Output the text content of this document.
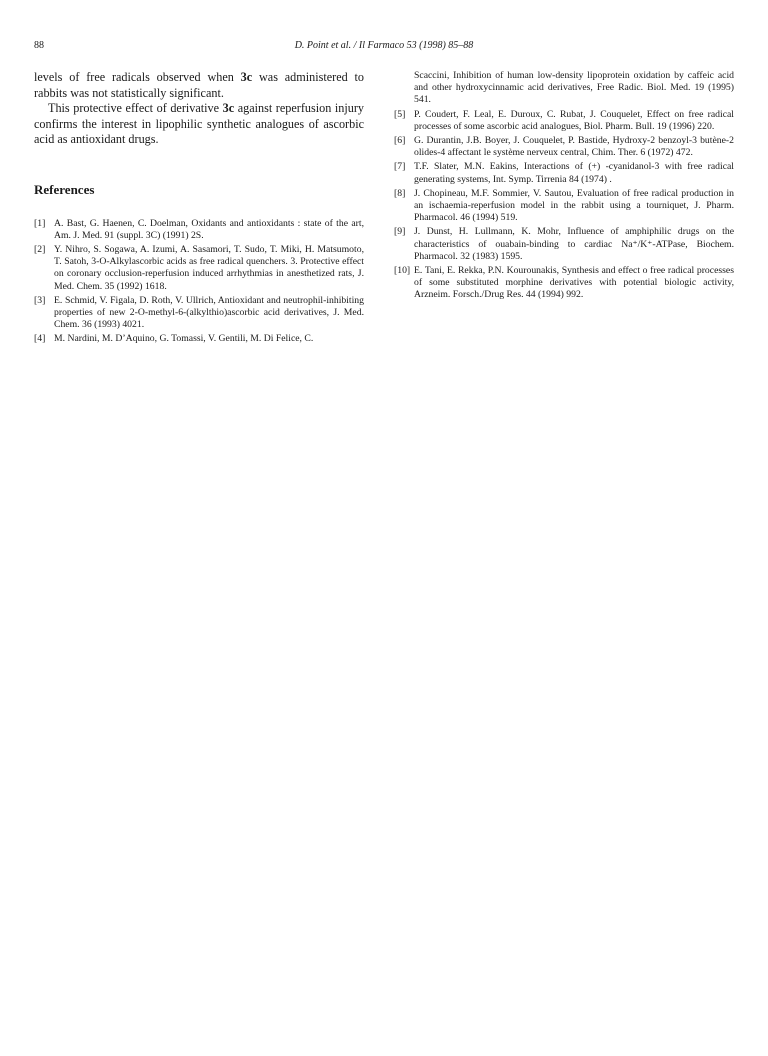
88	D. Point et al. / Il Farmaco 53 (1998) 85–88

levels of free radicals observed when 3c was administered to rabbits was not statistically significant.

This protective effect of derivative 3c against reperfusion injury confirms the interest in lipophilic synthetic analogues of ascorbic acid as antioxidant drugs.

References
[1] A. Bast, G. Haenen, C. Doelman, Oxidants and antioxidants : state of the art, Am. J. Med. 91 (suppl. 3C) (1991) 2S.
[2] Y. Nihro, S. Sogawa, A. Izumi, A. Sasamori, T. Sudo, T. Miki, H. Matsumoto, T. Satoh, 3-O-Alkylascorbic acids as free radical quenchers. 3. Protective effect on coronary occlusion-reperfusion induced arrhythmias in anesthetized rats, J. Med. Chem. 35 (1992) 1618.
[3] E. Schmid, V. Figala, D. Roth, V. Ullrich, Antioxidant and neutrophil-inhibiting properties of new 2-O-methyl-6-(alkylthio)ascorbic acid derivatives, J. Med. Chem. 36 (1993) 4021.
[4] M. Nardini, M. D’Aquino, G. Tomassi, V. Gentili, M. Di Felice, C.
Scaccini, Inhibition of human low-density lipoprotein oxidation by caffeic acid and other hydroxycinnamic acid derivatives, Free Radic. Biol. Med. 19 (1995) 541.
[5] P. Coudert, F. Leal, E. Duroux, C. Rubat, J. Couquelet, Effect on free radical processes of some ascorbic acid analogues, Biol. Pharm. Bull. 19 (1996) 220.
[6] G. Durantin, J.B. Boyer, J. Couquelet, P. Bastide, Hydroxy-2 benzoyl-3 butène-2 olides-4 affectant le système nerveux central, Chim. Ther. 6 (1972) 472.
[7] T.F. Slater, M.N. Eakins, Interactions of (+) -cyanidanol-3 with free radical generating systems, Int. Symp. Tirrenia 84 (1974) .
[8] J. Chopineau, M.F. Sommier, V. Sautou, Evaluation of free radical production in an ischaemia-reperfusion model in the rabbit using a tourniquet, J. Pharm. Pharmacol. 46 (1994) 519.
[9] J. Dunst, H. Lullmann, K. Mohr, Influence of amphiphilic drugs on the characteristics of ouabain-binding to cardiac Na⁺/K⁺-ATPase, Biochem. Pharmacol. 32 (1983) 1595.
[10] E. Tani, E. Rekka, P.N. Kourounakis, Synthesis and effect o free radical processes of some substituted morphine derivatives with potential biologic activity, Arzneim. Forsch./Drug Res. 44 (1994) 992.
